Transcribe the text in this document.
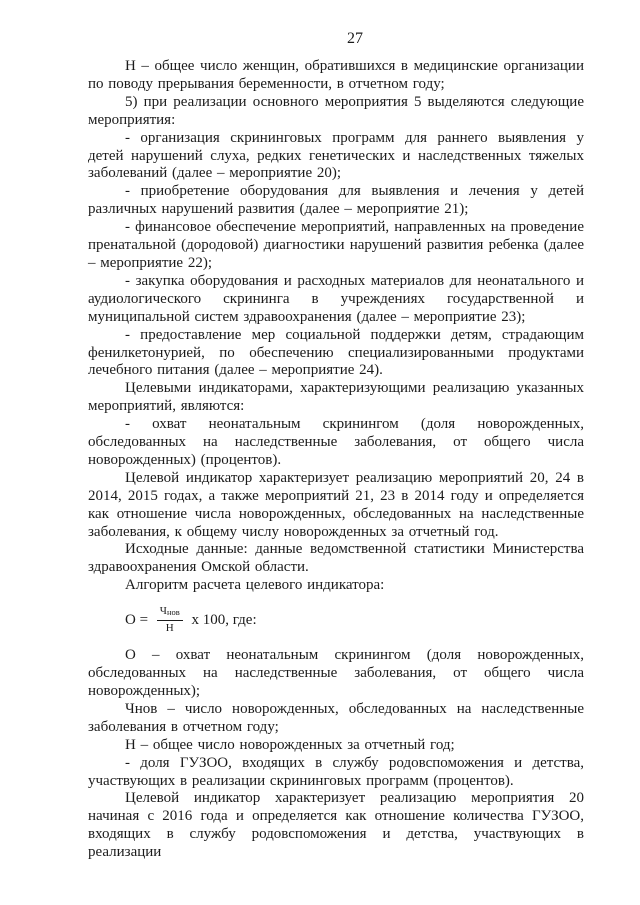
27

Н – общее число женщин, обратившихся в медицинские организации по поводу прерывания беременности, в отчетном году;

5) при реализации основного мероприятия 5 выделяются следующие мероприятия:

- организация скрининговых программ для раннего выявления у детей нарушений слуха, редких генетических и наследственных тяжелых заболеваний (далее – мероприятие 20);

- приобретение оборудования для выявления и лечения у детей различных нарушений развития (далее – мероприятие 21);

- финансовое обеспечение мероприятий, направленных на проведение пренатальной (дородовой) диагностики нарушений развития ребенка (далее – мероприятие 22);

- закупка оборудования и расходных материалов для неонатального и аудиологического скрининга в учреждениях государственной и муниципальной систем здравоохранения (далее – мероприятие 23);

- предоставление мер социальной поддержки детям, страдающим фенилкетонурией, по обеспечению специализированными продуктами лечебного питания (далее – мероприятие 24).

Целевыми индикаторами, характеризующими реализацию указанных мероприятий, являются:

- охват неонатальным скринингом (доля новорожденных, обследованных на наследственные заболевания, от общего числа новорожденных) (процентов).

Целевой индикатор характеризует реализацию мероприятий 20, 24 в 2014, 2015 годах, а также мероприятий 21, 23 в 2014 году и определяется как отношение числа новорожденных, обследованных на наследственные заболевания, к общему числу новорожденных за отчетный год.

Исходные данные: данные ведомственной статистики Министерства здравоохранения Омской области.

Алгоритм расчета целевого индикатора:

$О = \frac{Ч_{нов}}{Н}$ х 100, где:

О – охват неонатальным скринингом (доля новорожденных, обследованных на наследственные заболевания, от общего числа новорожденных);

Чнов – число новорожденных, обследованных на наследственные заболевания в отчетном году;

Н – общее число новорожденных за отчетный год;

- доля ГУЗОО, входящих в службу родовспоможения и детства, участвующих в реализации скрининговых программ (процентов).

Целевой индикатор характеризует реализацию мероприятия 20 начиная с 2016 года и определяется как отношение количества ГУЗОО, входящих в службу родовспоможения и детства, участвующих в реализации
